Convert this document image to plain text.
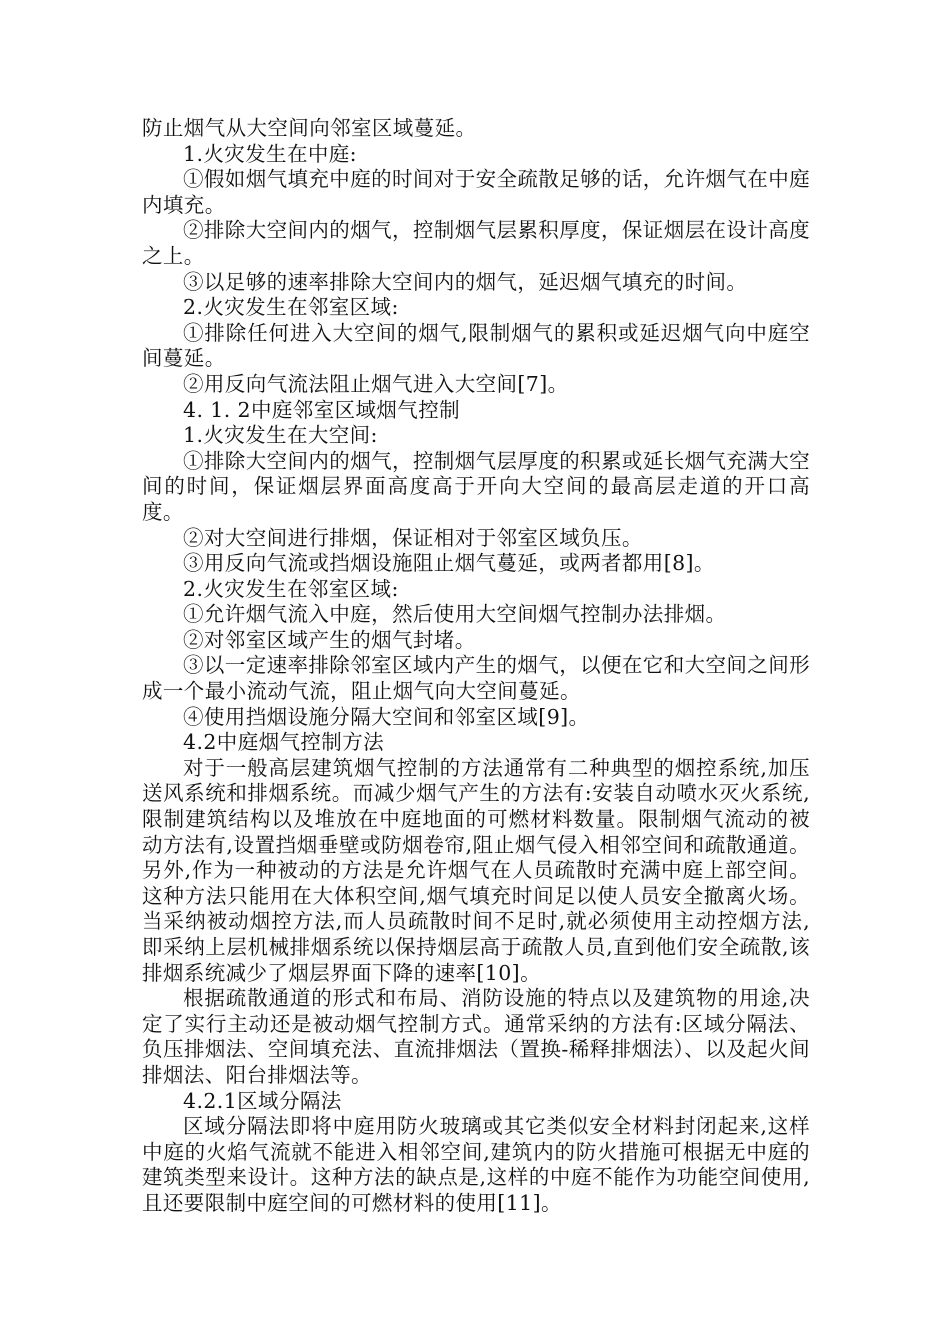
防止烟气从大空间向邻室区域蔓延。

1.火灾发生在中庭:

①假如烟气填充中庭的时间对于安全疏散足够的话，允许烟气在中庭内填充。

②排除大空间内的烟气，控制烟气层累积厚度，保证烟层在设计高度之上。

③以足够的速率排除大空间内的烟气，延迟烟气填充的时间。

2.火灾发生在邻室区域:

①排除任何进入大空间的烟气,限制烟气的累积或延迟烟气向中庭空间蔓延。

②用反向气流法阻止烟气进入大空间[7]。

4. 1. 2中庭邻室区域烟气控制

1.火灾发生在大空间:

①排除大空间内的烟气，控制烟气层厚度的积累或延长烟气充满大空间的时间，保证烟层界面高度高于开向大空间的最高层走道的开口高度。

②对大空间进行排烟，保证相对于邻室区域负压。

③用反向气流或挡烟设施阻止烟气蔓延，或两者都用[8]。

2.火灾发生在邻室区域:

①允许烟气流入中庭，然后使用大空间烟气控制办法排烟。

②对邻室区域产生的烟气封堵。

③以一定速率排除邻室区域内产生的烟气，以便在它和大空间之间形成一个最小流动气流，阻止烟气向大空间蔓延。

④使用挡烟设施分隔大空间和邻室区域[9]。

4.2中庭烟气控制方法

对于一般高层建筑烟气控制的方法通常有二种典型的烟控系统,加压送风系统和排烟系统。而减少烟气产生的方法有:安装自动喷水灭火系统,限制建筑结构以及堆放在中庭地面的可燃材料数量。限制烟气流动的被动方法有,设置挡烟垂壁或防烟卷帘,阻止烟气侵入相邻空间和疏散通道。另外,作为一种被动的方法是允许烟气在人员疏散时充满中庭上部空间。这种方法只能用在大体积空间,烟气填充时间足以使人员安全撤离火场。当采纳被动烟控方法,而人员疏散时间不足时,就必须使用主动控烟方法,即采纳上层机械排烟系统以保持烟层高于疏散人员,直到他们安全疏散,该排烟系统减少了烟层界面下降的速率[10]。

根据疏散通道的形式和布局、消防设施的特点以及建筑物的用途,决定了实行主动还是被动烟气控制方式。通常采纳的方法有:区域分隔法、负压排烟法、空间填充法、直流排烟法（置换-稀释排烟法）、以及起火间排烟法、阳台排烟法等。

4.2.1区域分隔法

区域分隔法即将中庭用防火玻璃或其它类似安全材料封闭起来,这样中庭的火焰气流就不能进入相邻空间,建筑内的防火措施可根据无中庭的建筑类型来设计。这种方法的缺点是,这样的中庭不能作为功能空间使用,且还要限制中庭空间的可燃材料的使用[11]。
